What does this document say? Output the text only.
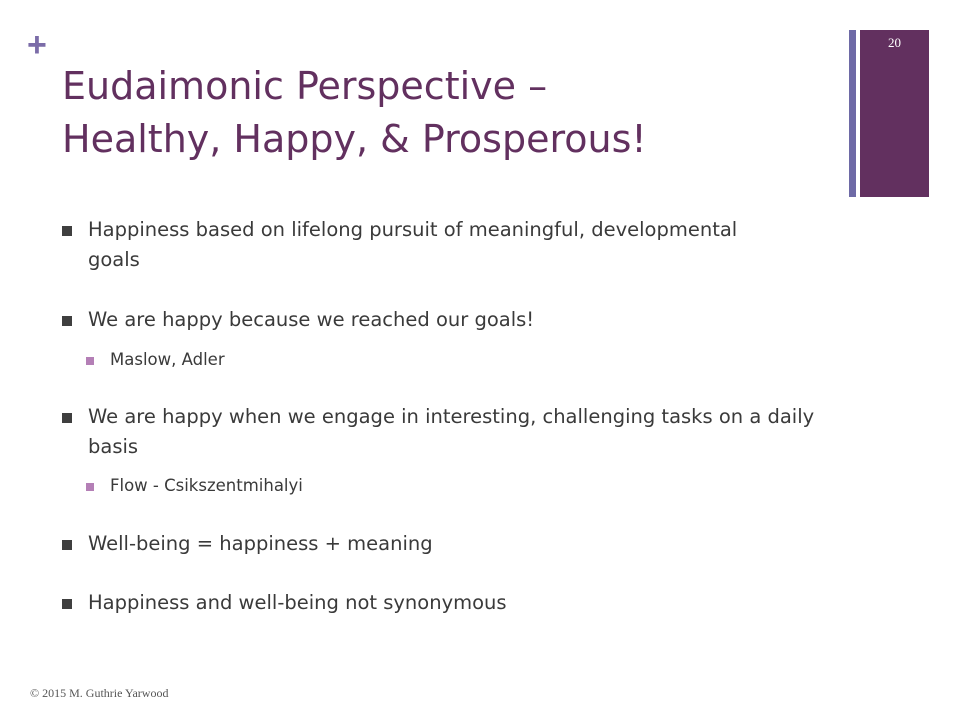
+
Eudaimonic Perspective –
Healthy, Happy, & Prosperous!
20
Happiness based on lifelong pursuit of meaningful, developmental goals
We are happy because we reached our goals!
Maslow, Adler
We are happy when we engage in interesting, challenging tasks on a daily basis
Flow - Csikszentmihalyi
Well-being = happiness + meaning
Happiness and well-being not synonymous
© 2015 M. Guthrie Yarwood
